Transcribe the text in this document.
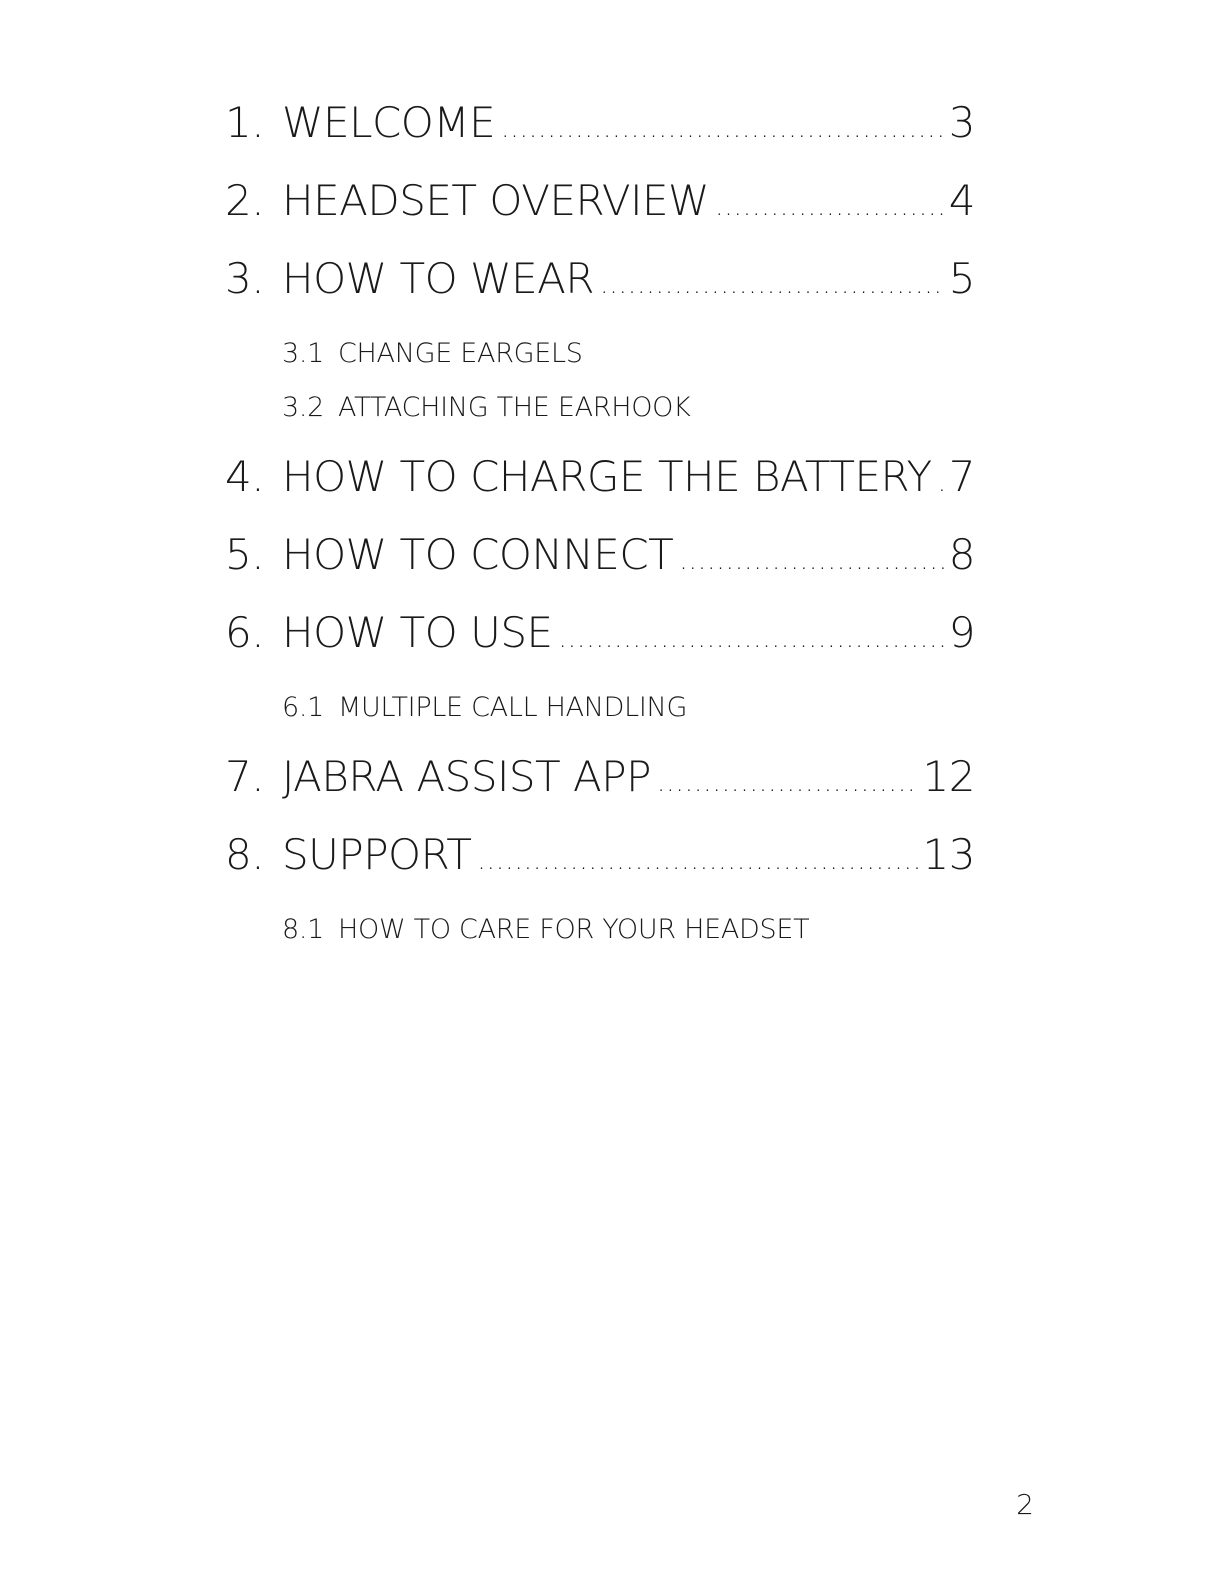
1. WELCOME .....	3
2. HEADSET OVERVIEW .....	4
3. HOW TO WEAR .....	5
3.1 CHANGE EARGELS
3.2 ATTACHING THE EARHOOK
4. HOW TO CHARGE THE BATTERY ..... 7
5. HOW TO CONNECT .....	8
6. HOW TO USE .....	9
6.1 MULTIPLE CALL HANDLING
7. JABRA ASSIST APP .....	12
8. SUPPORT .....	13
8.1 HOW TO CARE FOR YOUR HEADSET
2
